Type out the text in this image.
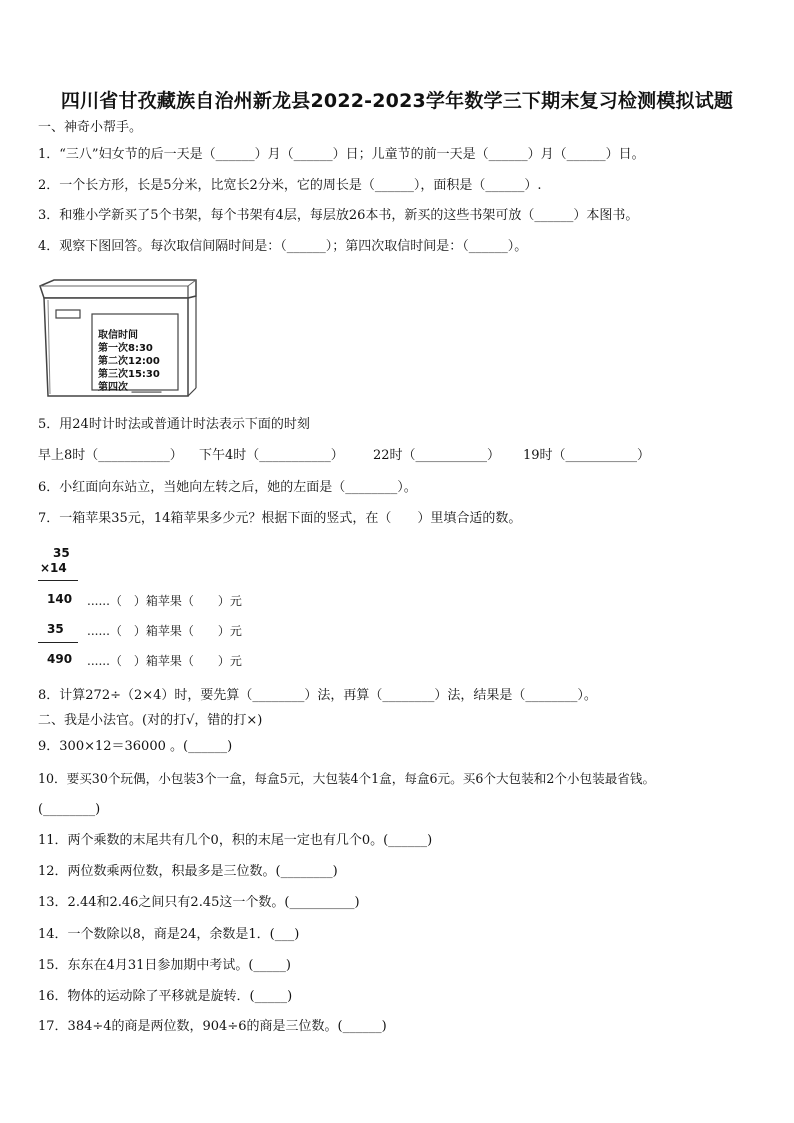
四川省甘孜藏族自治州新龙县2022-2023学年数学三下期末复习检测模拟试题
一、神奇小帮手。
1．“三八”妇女节的后一天是（______）月（______）日；儿童节的前一天是（______）月（______）日。
2．一个长方形，长是5分米，比宽长2分米，它的周长是（______），面积是（______）.
3．和雅小学新买了5个书架，每个书架有4层，每层放26本书，新买的这些书架可放（______）本图书。
4．观察下图回答。每次取信间隔时间是：（______）；第四次取信时间是：（______）。
取信时间
第一次8:30
第二次12:00
第三次15:30
第四次 ______
5．用24时计时法或普通计时法表示下面的时刻
早上8时（___________） 下午4时（___________） 22时（___________） 19时（___________）
6．小红面向东站立，当她向左转之后，她的左面是（________）。
7．一箱苹果35元，14箱苹果多少元？根据下面的竖式，在（　　）里填合适的数。
35
×14
140 ......（　）箱苹果（　　）元
35 ......（　）箱苹果（　　）元
490 ......（　）箱苹果（　　）元
8．计算272÷（2×4）时，要先算（________）法，再算（________）法，结果是（________）。
二、我是小法官。(对的打√，错的打×)
9．300×12＝36000 。(______)
10．要买30个玩偶，小包装3个一盒，每盒5元，大包装4个1盒，每盒6元。买6个大包装和2个小包装最省钱。
(________)
11．两个乘数的末尾共有几个0，积的末尾一定也有几个0。(______)
12．两位数乘两位数，积最多是三位数。(________)
13．2.44和2.46之间只有2.45这一个数。(__________)
14．一个数除以8，商是24，余数是1．(___)
15．东东在4月31日参加期中考试。(_____)
16．物体的运动除了平移就是旋转．(_____)
17．384÷4的商是两位数，904÷6的商是三位数。(______)
